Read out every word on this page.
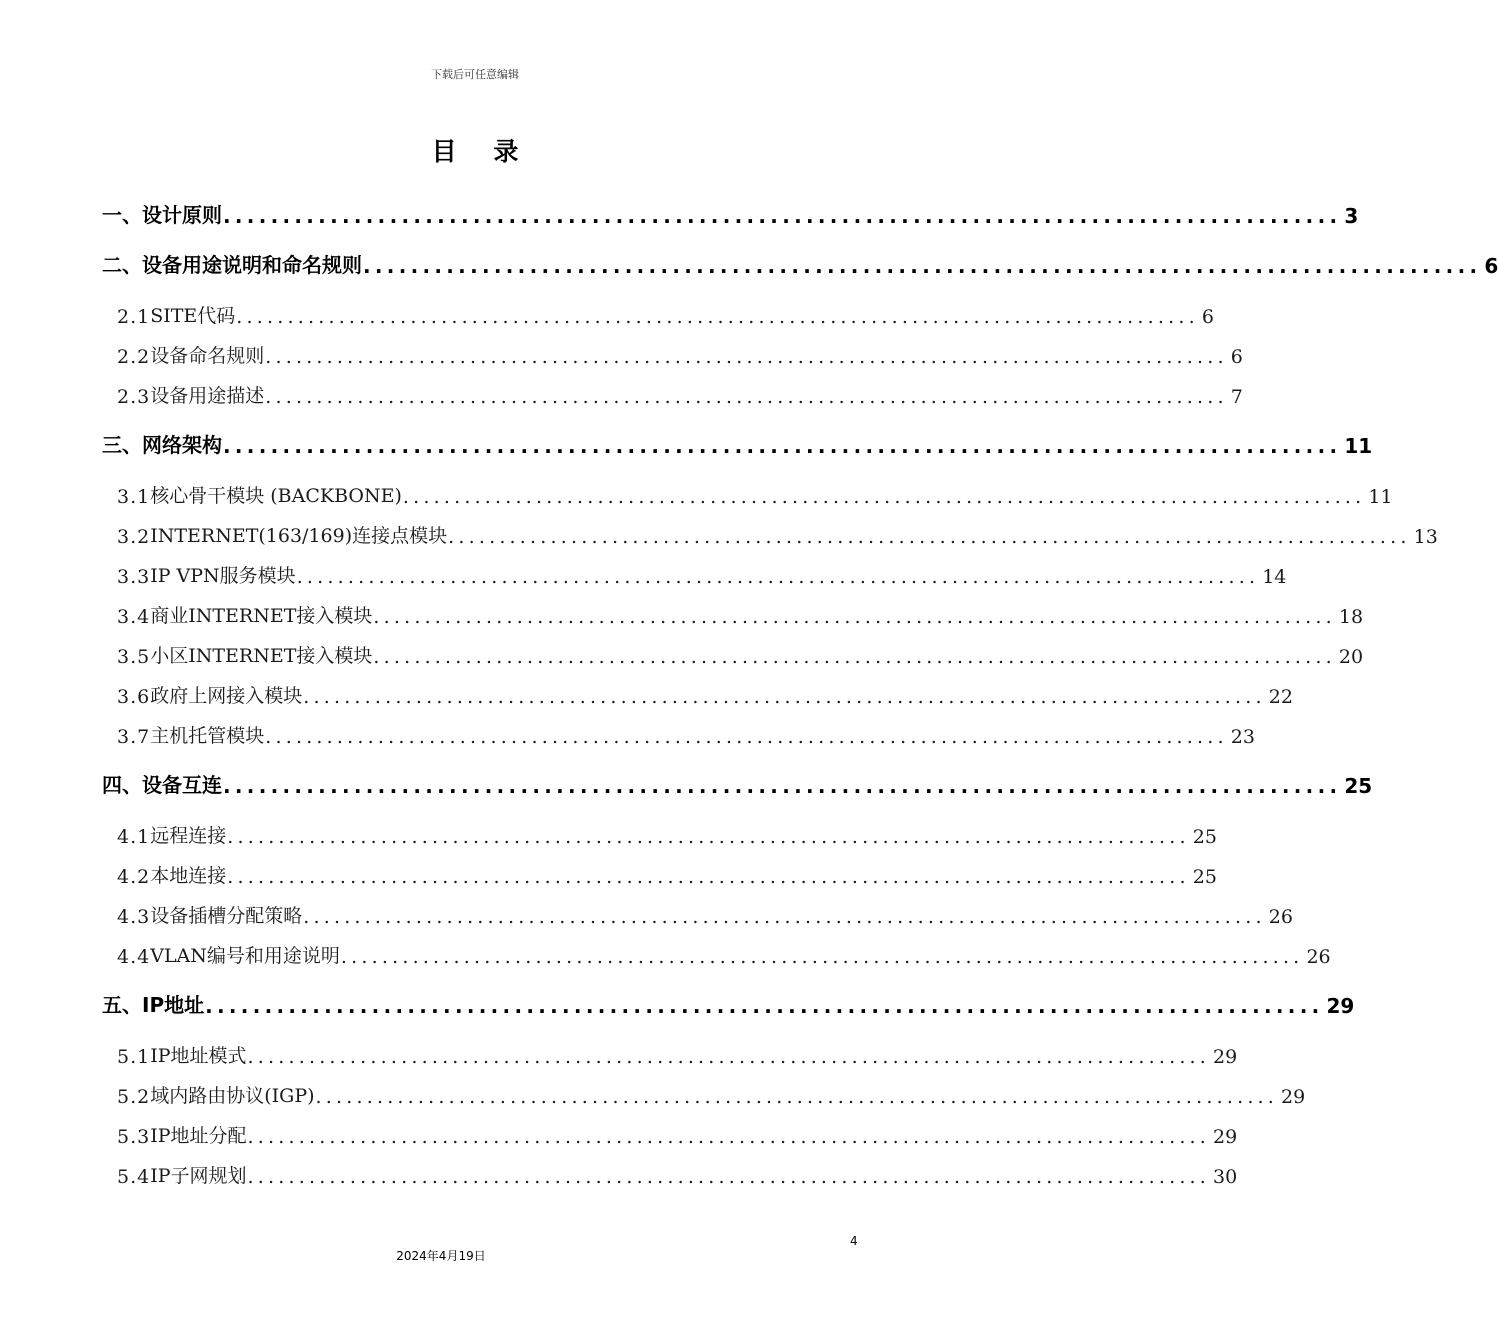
下载后可任意编辑
目 录
一、设计原则 .............................................................................................. 3
二、设备用途说明和命名规则 .............................................................................................. 6
2.1 SITE代码 .............................................................................................. 6
2.2 设备命名规则 .............................................................................................. 6
2.3 设备用途描述 .............................................................................................. 7
三、网络架构 .............................................................................................. 11
3.1 核心骨干模块 (BACKBONE) .............................................................................................. 11
3.2 INTERNET(163/169)连接点模块 .............................................................................................. 13
3.3 IP VPN服务模块 .............................................................................................. 14
3.4 商业INTERNET接入模块 .............................................................................................. 18
3.5 小区INTERNET接入模块 .............................................................................................. 20
3.6 政府上网接入模块 .............................................................................................. 22
3.7 主机托管模块 .............................................................................................. 23
四、设备互连 .............................................................................................. 25
4.1 远程连接 .............................................................................................. 25
4.2 本地连接 .............................................................................................. 25
4.3 设备插槽分配策略 .............................................................................................. 26
4.4 VLAN编号和用途说明 .............................................................................................. 26
五、IP地址 .............................................................................................. 29
5.1 IP地址模式 .............................................................................................. 29
5.2 域内路由协议(IGP) .............................................................................................. 29
5.3 IP地址分配 .............................................................................................. 29
5.4 IP子网规划 .............................................................................................. 30
4
2024年4月19日
